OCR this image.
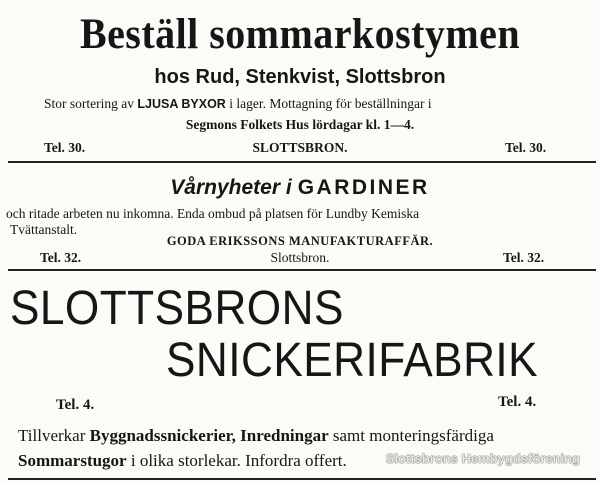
Beställ sommarkostymen
hos Rud, Stenkvist, Slottsbron
Stor sortering av LJUSA BYXOR i lager. Mottagning för beställningar i
Segmons Folkets Hus lördagar kl. 1—4.
Tel. 30.	SLOTTSBRON.	Tel. 30.
Vårnyheter i GARDINER
och ritade arbeten nu inkomna. Enda ombud på platsen för Lundby Kemiska
Tvättanstalt.
GODA ERIKSSONS MANUFAKTURAFFÄR.
Tel. 32.	Slottsbron.	Tel. 32.
SLOTTSBRONS
SNICKERIFABRIK
Tel. 4.	Tel. 4.
Tillverkar Byggnadssnickerier, Inredningar samt monteringsfärdiga
Sommarstugor i olika storlekar. Infordra offert.	Slottsbrons Hembygdsförening
